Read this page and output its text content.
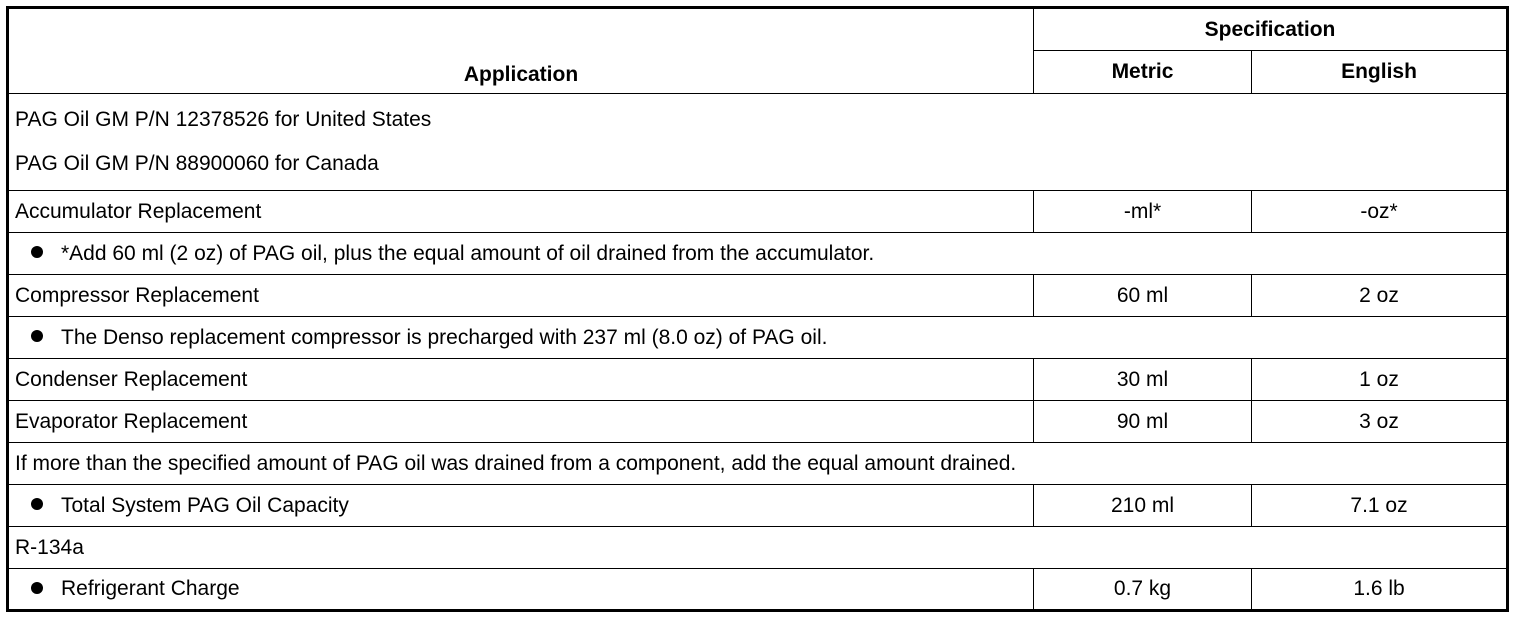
Application	Specification	
	Metric	English

PAG Oil GM P/N 12378526 for United States
PAG Oil GM P/N 88900060 for Canada		

Accumulator Replacement	-ml*	-oz*
*Add 60 ml (2 oz) of PAG oil, plus the equal amount of oil drained from the accumulator.		
Compressor Replacement	60 ml	2 oz
The Denso replacement compressor is precharged with 237 ml (8.0 oz) of PAG oil.		
Condenser Replacement	30 ml	1 oz
Evaporator Replacement	90 ml	3 oz
If more than the specified amount of PAG oil was drained from a component, add the equal amount drained.		
Total System PAG Oil Capacity	210 ml	7.1 oz
R-134a		
Refrigerant Charge	0.7 kg	1.6 lb
